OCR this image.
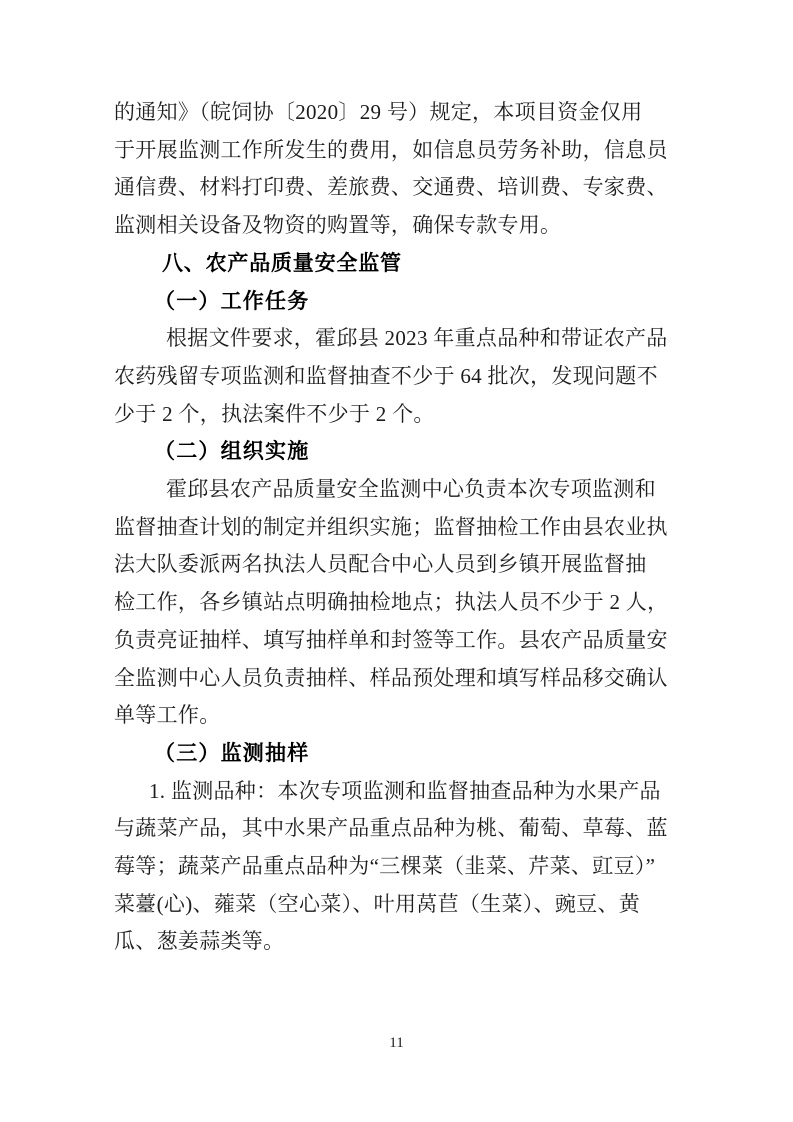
的通知》（皖饲协〔2020〕29 号）规定，本项目资金仅用
于开展监测工作所发生的费用，如信息员劳务补助，信息员
通信费、材料打印费、差旅费、交通费、培训费、专家费、
监测相关设备及物资的购置等，确保专款专用。
八、农产品质量安全监管
（一）工作任务
根据文件要求，霍邱县 2023 年重点品种和带证农产品
农药残留专项监测和监督抽查不少于 64 批次，发现问题不
少于 2 个，执法案件不少于 2 个。
（二）组织实施
霍邱县农产品质量安全监测中心负责本次专项监测和
监督抽查计划的制定并组织实施；监督抽检工作由县农业执
法大队委派两名执法人员配合中心人员到乡镇开展监督抽
检工作，各乡镇站点明确抽检地点；执法人员不少于 2 人，
负责亮证抽样、填写抽样单和封签等工作。县农产品质量安
全监测中心人员负责抽样、样品预处理和填写样品移交确认
单等工作。
（三）监测抽样
1. 监测品种：本次专项监测和监督抽查品种为水果产品
与蔬菜产品，其中水果产品重点品种为桃、葡萄、草莓、蓝
莓等；蔬菜产品重点品种为“三棵菜（韭菜、芹菜、豇豆）”
菜薹(心)、蕹菜（空心菜）、叶用莴苣（生菜）、豌豆、黄
瓜、葱姜蒜类等。
11
